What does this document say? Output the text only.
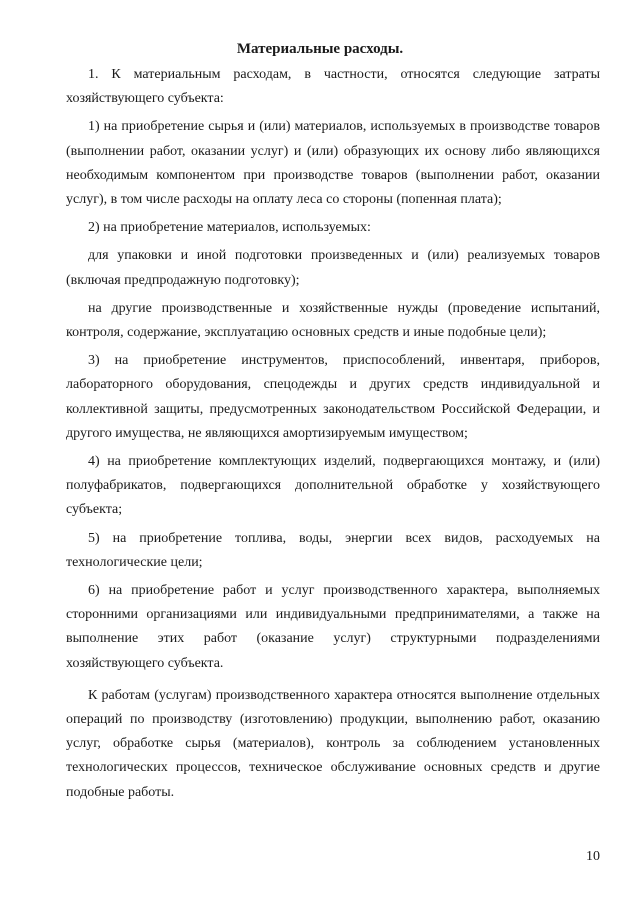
Материальные расходы.

1. К материальным расходам, в частности, относятся следующие затраты хозяйствующего субъекта:

1) на приобретение сырья и (или) материалов, используемых в производстве товаров (выполнении работ, оказании услуг) и (или) образующих их основу либо являющихся необходимым компонентом при производстве товаров (выполнении работ, оказании услуг), в том числе расходы на оплату леса со стороны (попенная плата);

2) на приобретение материалов, используемых:

для упаковки и иной подготовки произведенных и (или) реализуемых товаров (включая предпродажную подготовку);

на другие производственные и хозяйственные нужды (проведение испытаний, контроля, содержание, эксплуатацию основных средств и иные подобные цели);

3) на приобретение инструментов, приспособлений, инвентаря, приборов, лабораторного оборудования, спецодежды и других средств индивидуальной и коллективной защиты, предусмотренных законодательством Российской Федерации, и другого имущества, не являющихся амортизируемым имуществом;

4) на приобретение комплектующих изделий, подвергающихся монтажу, и (или) полуфабрикатов, подвергающихся дополнительной обработке у хозяйствующего субъекта;

5) на приобретение топлива, воды, энергии всех видов, расходуемых на технологические цели;

6) на приобретение работ и услуг производственного характера, выполняемых сторонними организациями или индивидуальными предпринимателями, а также на выполнение этих работ (оказание услуг) структурными подразделениями хозяйствующего субъекта.

К работам (услугам) производственного характера относятся выполнение отдельных операций по производству (изготовлению) продукции, выполнению работ, оказанию услуг, обработке сырья (материалов), контроль за соблюдением установленных технологических процессов, техническое обслуживание основных средств и другие подобные работы.

10
